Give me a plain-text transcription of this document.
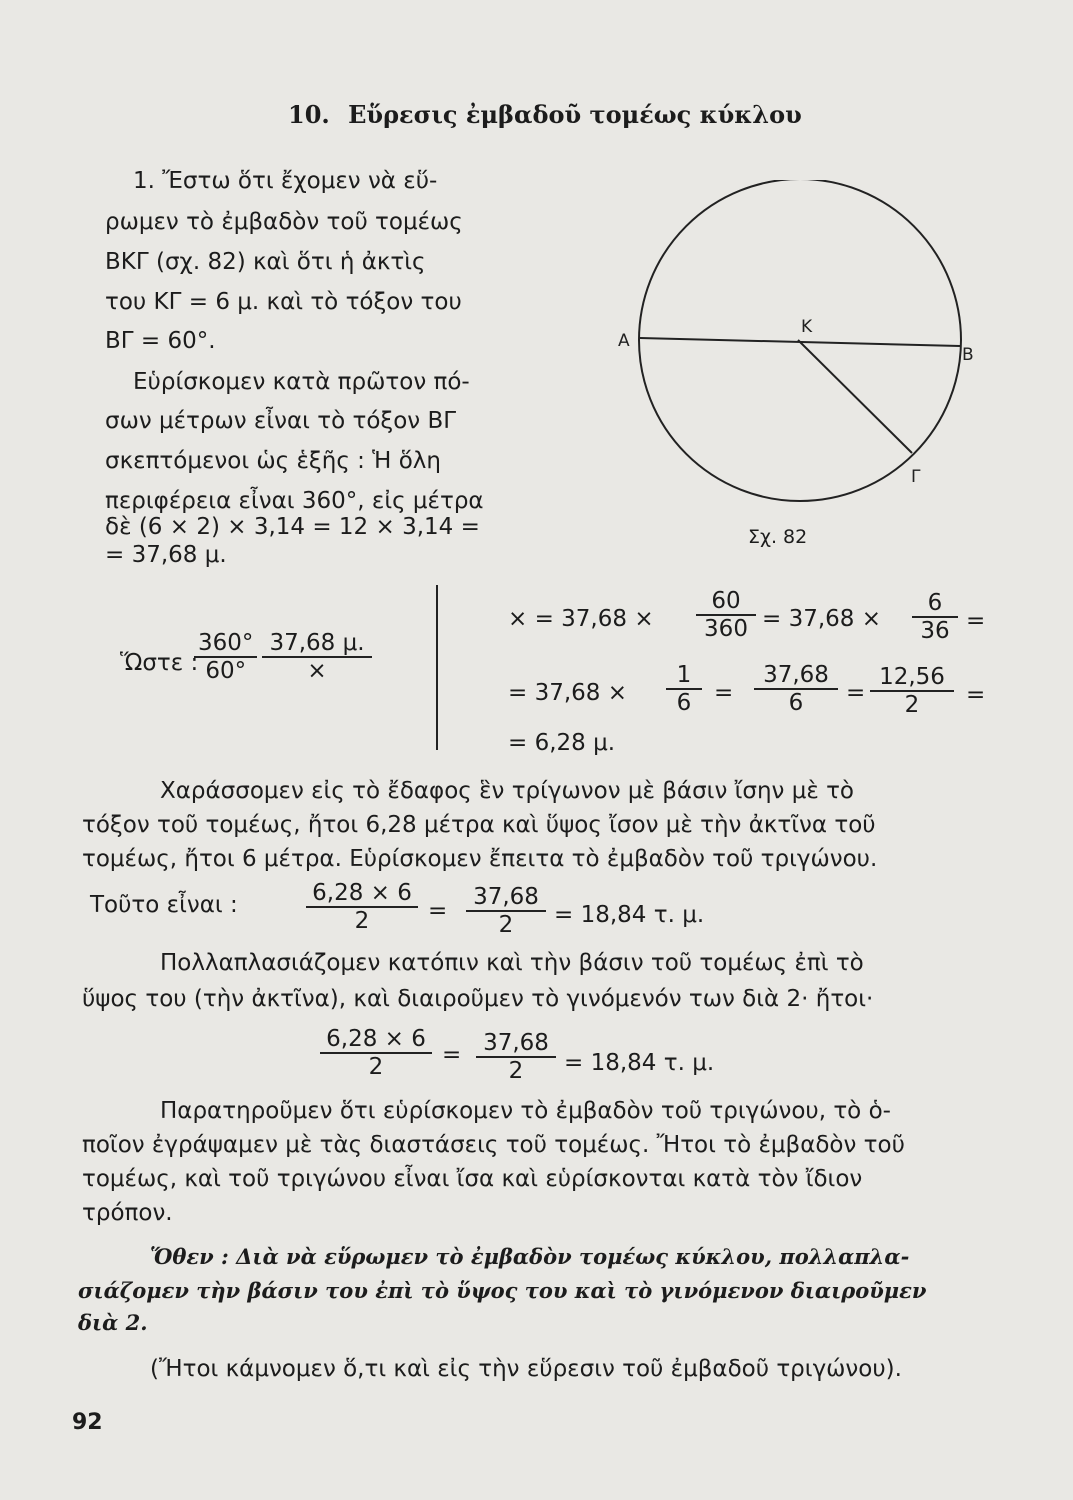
10. Εὕρεσις ἐμβαδοῦ τομέως κύκλου
1. Ἔστω ὅτι ἔχομεν νὰ εὕ-
ρωμεν τὸ ἐμβαδὸν τοῦ τομέως
ΒΚΓ (σχ. 82) καὶ ὅτι ἡ ἀκτὶς
του ΚΓ = 6 μ. καὶ τὸ τόξον του
ΒΓ = 60°.
Εὑρίσκομεν κατὰ πρῶτον πό-
σων μέτρων εἶναι τὸ τόξον ΒΓ
σκεπτόμενοι ὡς ἑξῆς : Ἡ ὅλη
περιφέρεια εἶναι 360°, εἰς μέτρα
δὲ (6 × 2) × 3,14 = 12 × 3,14 =
= 37,68 μ.
Α
Κ
Β
Γ
Σχ. 82
Ὥστε :
$\frac{360^\circ}{60^\circ} 37,68$ μ.
×
× = $37,68 \times \frac{60}{360} = 37,68 \times \frac{6}{36}$ =
= $37,68 \times \frac{1}{6} = \frac{37,68}{6} = \frac{12,56}{2}$ =
= 6,28 μ.
Χαράσσομεν εἰς τὸ ἔδαφος ἓν τρίγωνον μὲ βάσιν ἴσην μὲ τὸ
τόξον τοῦ τομέως, ἤτοι 6,28 μέτρα καὶ ὕψος ἴσον μὲ τὴν ἀκτῖνα τοῦ
τομέως, ἤτοι 6 μέτρα. Εὑρίσκομεν ἔπειτα τὸ ἐμβαδὸν τοῦ τριγώνου.
Τοῦτο εἶναι :	$\frac{6,28 \times 6}{2} = \frac{37,68}{2} = 18,84$ τ. μ.
Πολλαπλασιάζομεν κατόπιν καὶ τὴν βάσιν τοῦ τομέως ἐπὶ τὸ
ὕψος του (τὴν ἀκτῖνα), καὶ διαιροῦμεν τὸ γινόμενόν των διὰ 2· ἤτοι·
$\frac{6,28 \times 6}{2} = \frac{37,68}{2} = 18,84$ τ. μ.
Παρατηροῦμεν ὅτι εὑρίσκομεν τὸ ἐμβαδὸν τοῦ τριγώνου, τὸ ὁ-
ποῖον ἐγράψαμεν μὲ τὰς διαστάσεις τοῦ τομέως. Ἤτοι τὸ ἐμβαδὸν τοῦ
τομέως, καὶ τοῦ τριγώνου εἶναι ἴσα καὶ εὑρίσκονται κατὰ τὸν ἴδιον
τρόπον.
Ὅθεν : Διὰ νὰ εὕρωμεν τὸ ἐμβαδὸν τομέως κύκλου, πολλαπλα-
σιάζομεν τὴν βάσιν του ἐπὶ τὸ ὕψος του καὶ τὸ γινόμενον διαιροῦμεν
διὰ 2.
(Ἤτοι κάμνομεν ὅ,τι καὶ εἰς τὴν εὕρεσιν τοῦ ἐμβαδοῦ τριγώνου).
92
